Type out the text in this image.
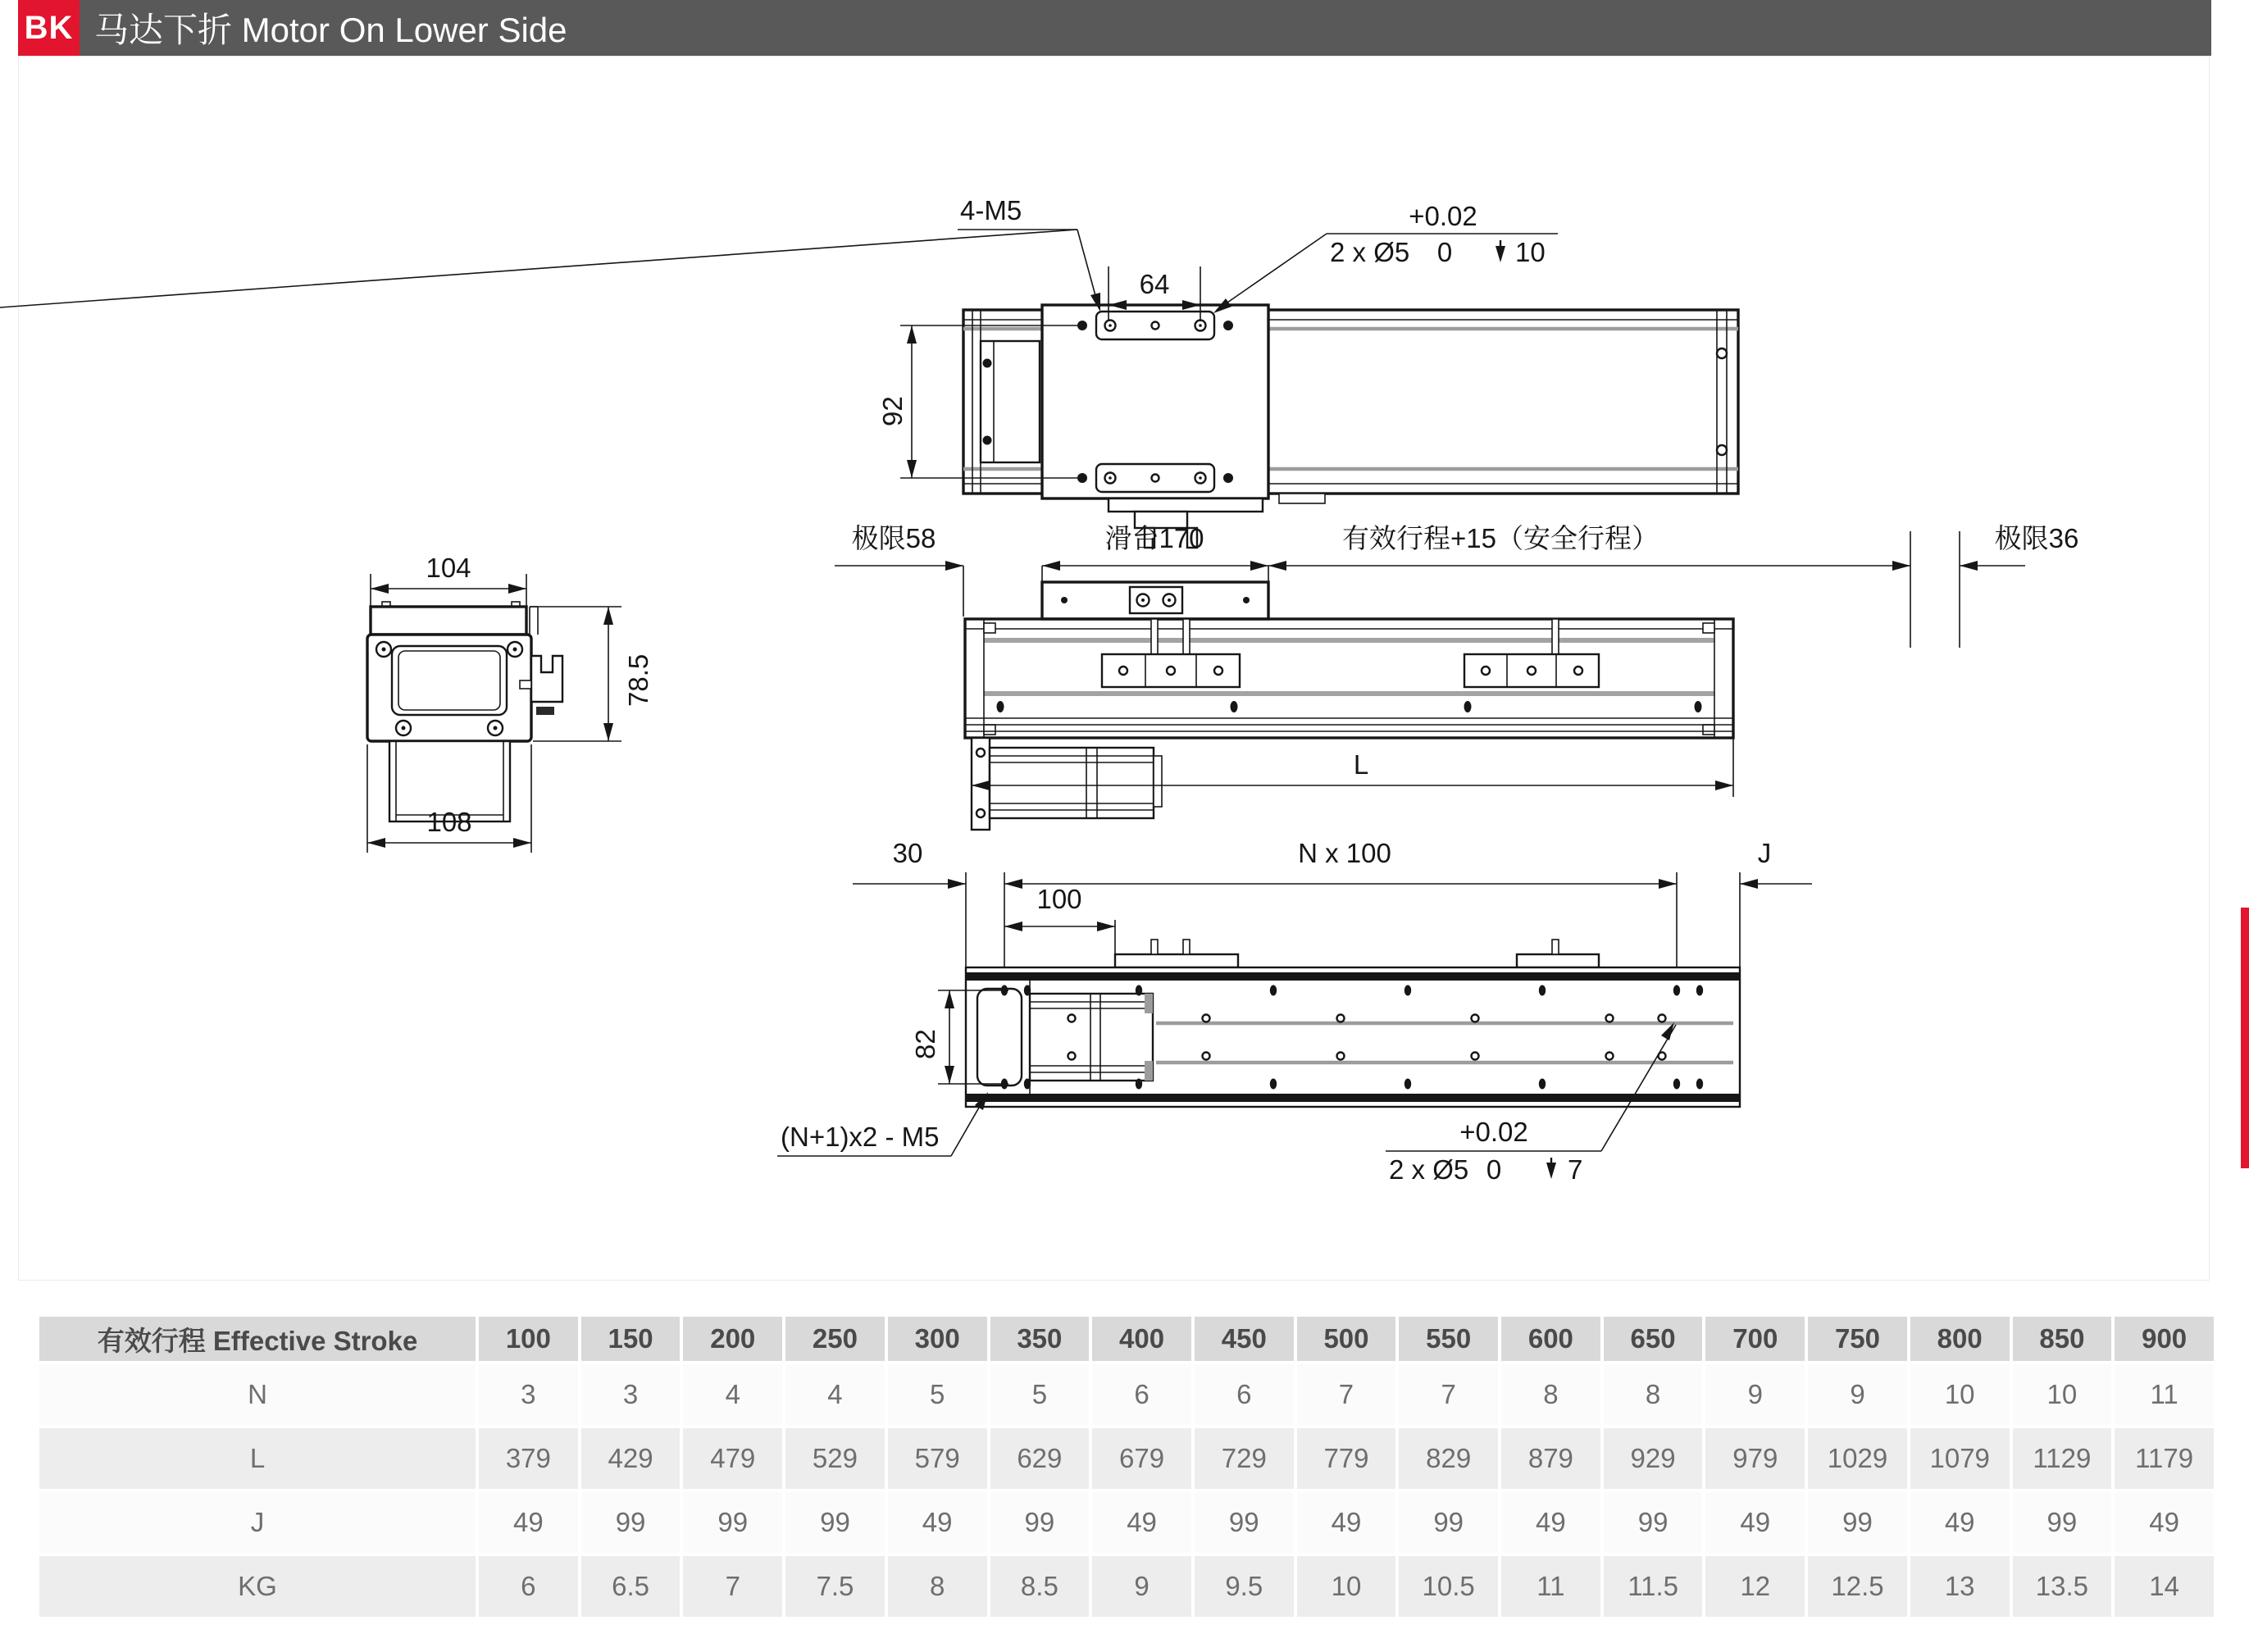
BK 马达下折 Motor On Lower Side
92
64
4-M5	+0.02
2 x Ø5 0 10
极限58	滑台170	有效行程+15（安全行程）	极限36
L
104
108
78.5
30	N x 100	J
100
82
(N+1)x2 - M5	+0.02
2 x Ø5 0 7
有效行程 Effective Stroke	100	150	200	250	300	350	400	450	500	550	600	650	700	750	800	850	900
N	3	3	4	4	5	5	6	6	7	7	8	8	9	9	10	10	11
L	379	429	479	529	579	629	679	729	779	829	879	929	979	1029	1079	1129	1179
J	49	99	99	99	49	99	49	99	49	99	49	99	49	99	49	99	49
KG	6	6.5	7	7.5	8	8.5	9	9.5	10	10.5	11	11.5	12	12.5	13	13.5	14
